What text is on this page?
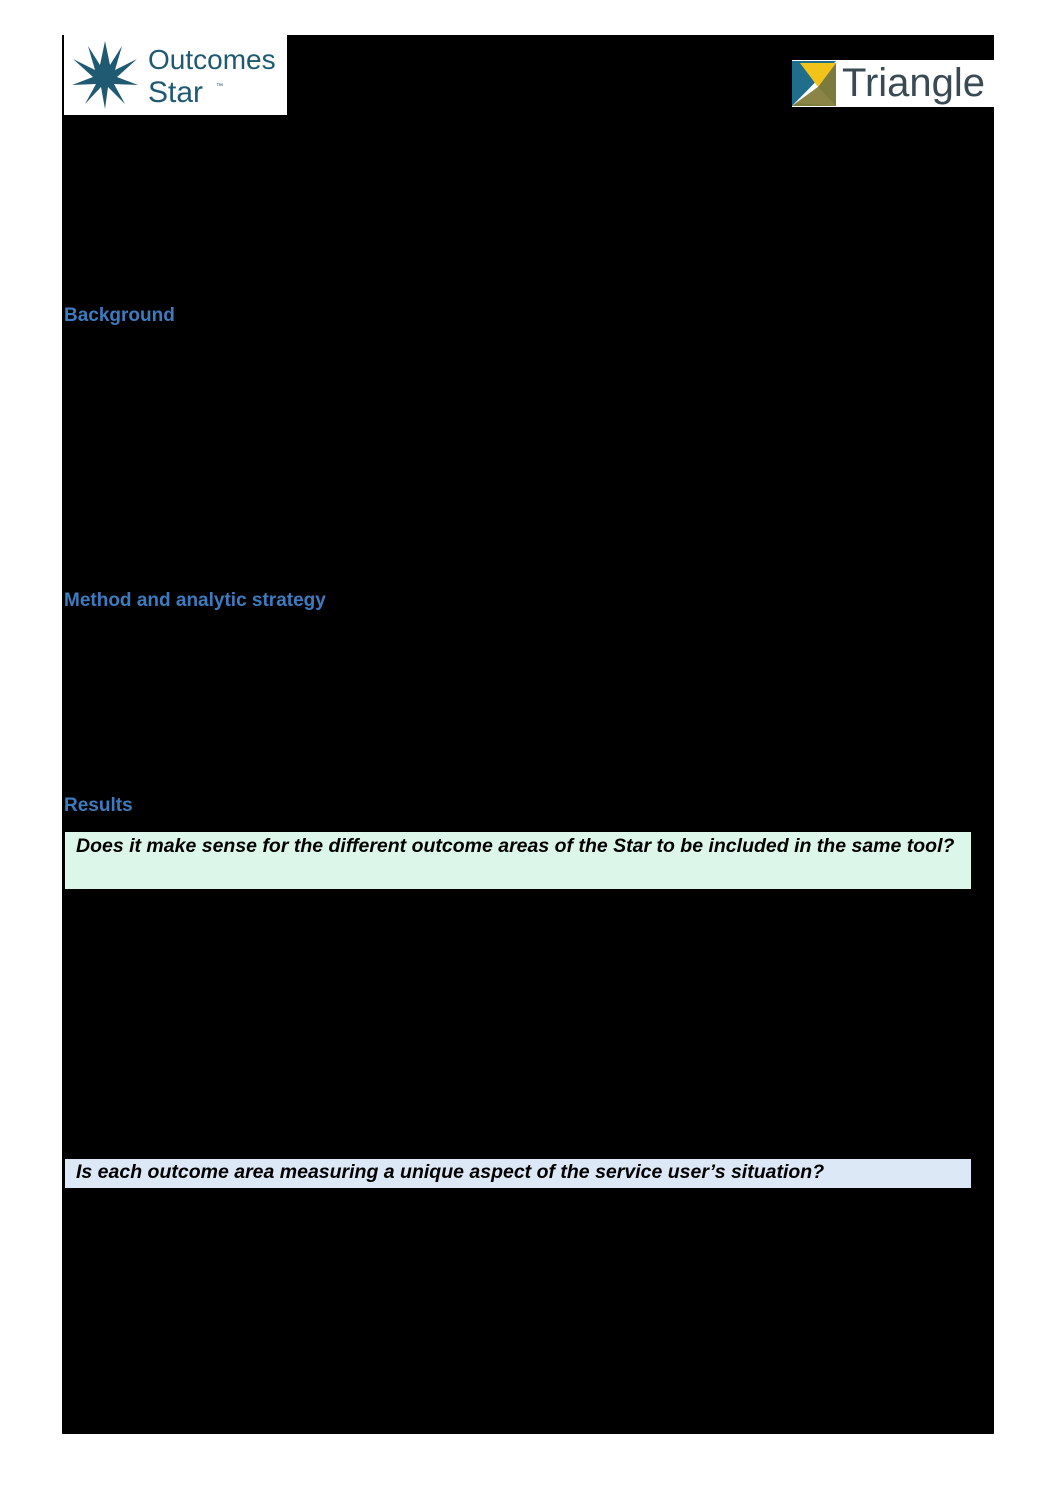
Outcomes
Star ™	Triangle
Background
Method and analytic strategy
Results
Does it make sense for the different outcome areas of the Star to be included in the same tool?
Is each outcome area measuring a unique aspect of the service user’s situation?
